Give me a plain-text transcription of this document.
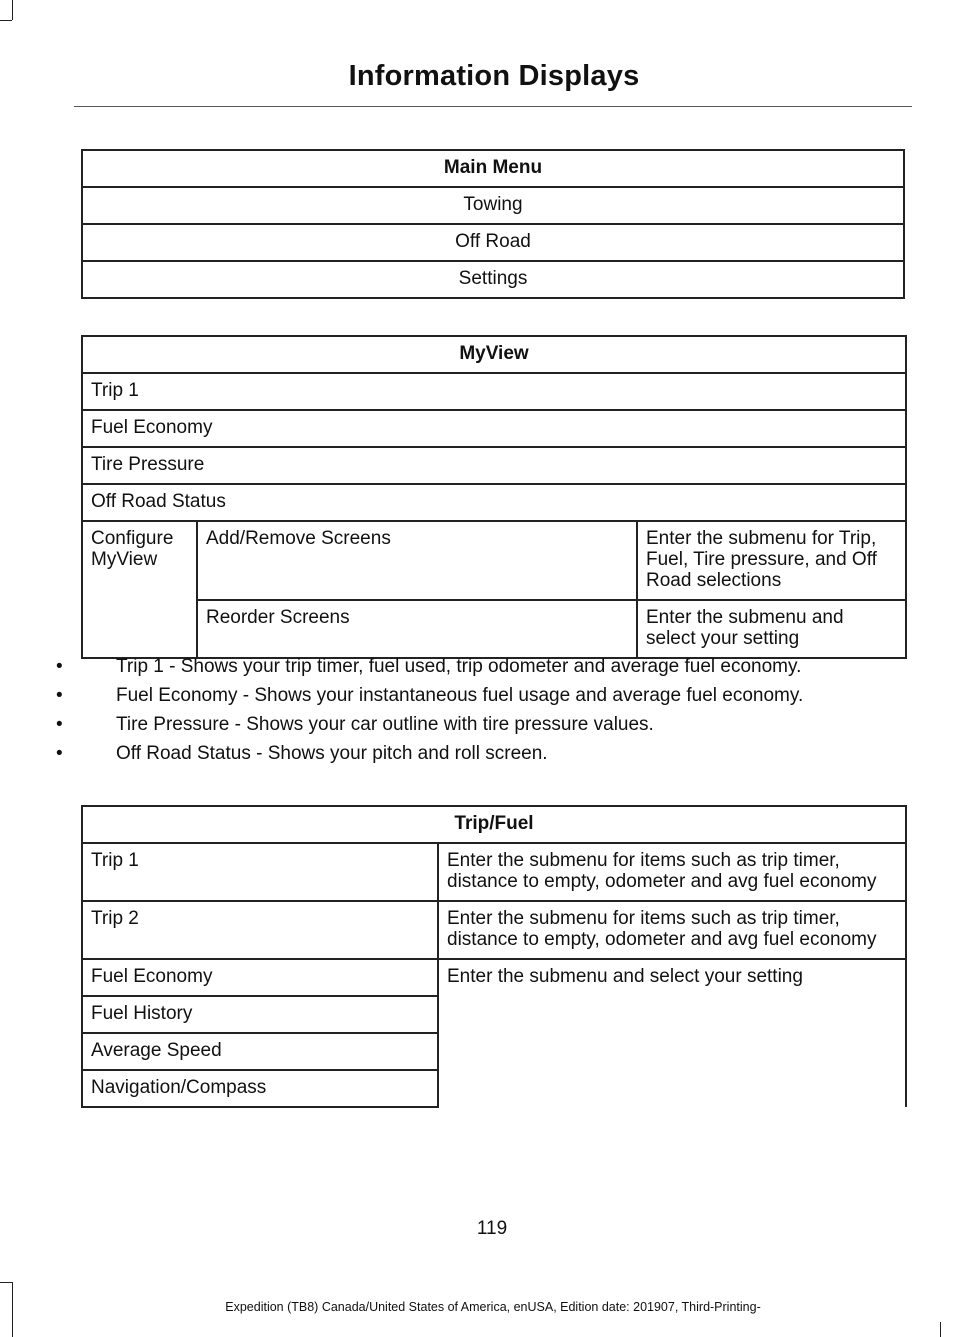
Information Displays
Main Menu
Towing
Off Road
Settings
MyView		
Trip 1		
Fuel Economy		
Tire Pressure		
Off Road Status		
Configure MyView	Add/Remove Screens	Enter the submenu for Trip, Fuel, Tire pressure, and Off Road selections
	Reorder Screens	Enter the submenu and select your setting
•	Trip 1 - Shows your trip timer, fuel used, trip odometer and average fuel economy.
•	Fuel Economy - Shows your instantaneous fuel usage and average fuel economy.
•	Tire Pressure - Shows your car outline with tire pressure values.
•	Off Road Status - Shows your pitch and roll screen.
Trip/Fuel	
Trip 1	Enter the submenu for items such as trip timer, distance to empty, odometer and avg fuel economy
Trip 2	Enter the submenu for items such as trip timer, distance to empty, odometer and avg fuel economy
Fuel Economy	Enter the submenu and select your setting
Fuel History	
Average Speed	
Navigation/Compass	
119
Expedition (TB8) Canada/United States of America, enUSA, Edition date: 201907, Third-Printing-
